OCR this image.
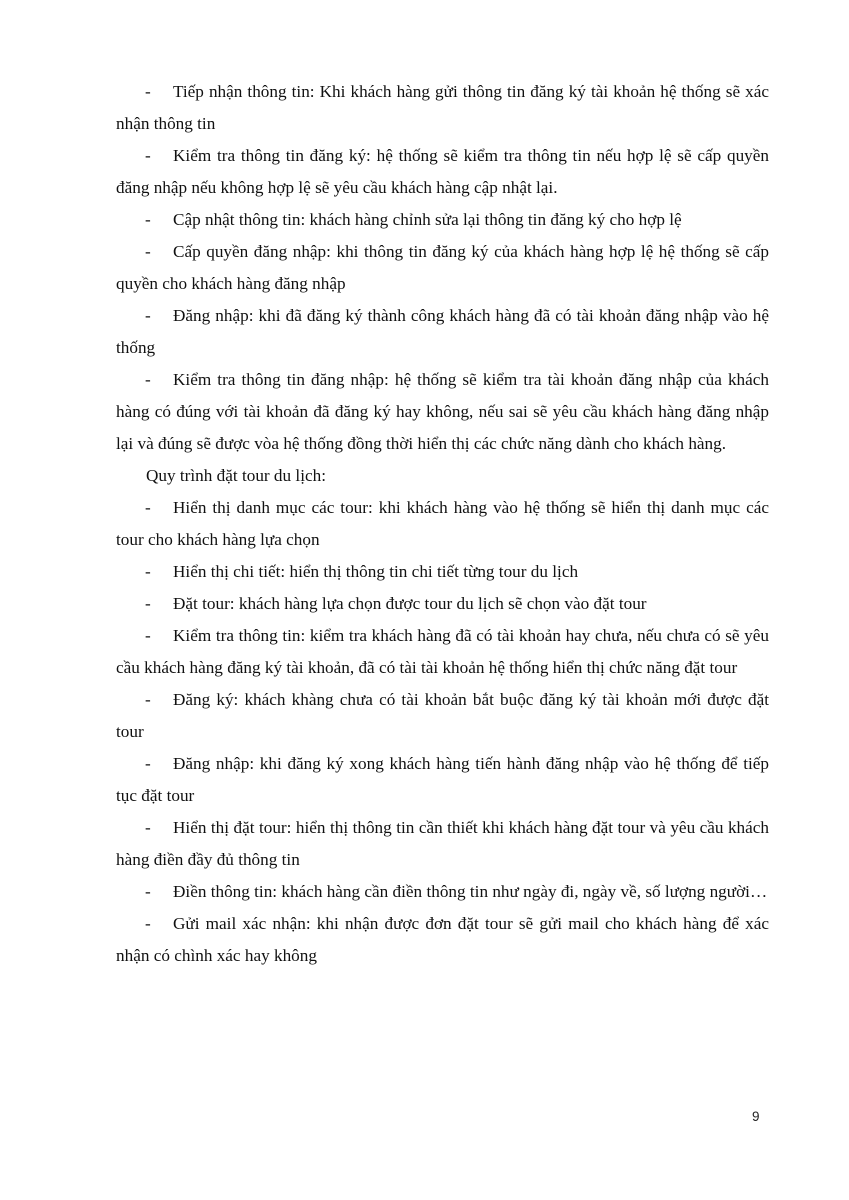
- Tiếp nhận thông tin: Khi khách hàng gửi thông tin đăng ký tài khoản hệ thống sẽ xác nhận thông tin

- Kiểm tra thông tin đăng ký: hệ thống sẽ kiểm tra thông tin nếu hợp lệ sẽ cấp quyền đăng nhập nếu không hợp lệ sẽ yêu cầu khách hàng cập nhật lại.

- Cập nhật thông tin: khách hàng chỉnh sửa lại thông tin đăng ký cho hợp lệ

- Cấp quyền đăng nhập: khi thông tin đăng ký của khách hàng hợp lệ hệ thống sẽ cấp quyền cho khách hàng đăng nhập

- Đăng nhập: khi đã đăng ký thành công khách hàng đã có tài khoản đăng nhập vào hệ thống

- Kiểm tra thông tin đăng nhập: hệ thống sẽ kiểm tra tài khoản đăng nhập của khách hàng có đúng với tài khoản đã đăng ký hay không, nếu sai sẽ yêu cầu khách hàng đăng nhập lại và đúng sẽ được vòa hệ thống đồng thời hiển thị các chức năng dành cho khách hàng.

Quy trình đặt tour du lịch:

- Hiển thị danh mục các tour: khi khách hàng vào hệ thống sẽ hiển thị danh mục các tour cho khách hàng lựa chọn

- Hiển thị chi tiết: hiển thị thông tin chi tiết từng tour du lịch

- Đặt tour: khách hàng lựa chọn được tour du lịch sẽ chọn vào đặt tour

- Kiểm tra thông tin: kiểm tra khách hàng đã có tài khoản hay chưa, nếu chưa có sẽ yêu cầu khách hàng đăng ký tài khoản, đã có tài tài khoản hệ thống hiển thị chức năng đặt tour

- Đăng ký: khách khàng chưa có tài khoản bắt buộc đăng ký tài khoản mới được đặt tour

- Đăng nhập: khi đăng ký xong khách hàng tiến hành đăng nhập vào hệ thống để tiếp tục đặt tour

- Hiển thị đặt tour: hiển thị thông tin cần thiết khi khách hàng đặt tour và yêu cầu khách hàng điền đầy đủ thông tin

- Điền thông tin: khách hàng cần điền thông tin như ngày đi, ngày về, số lượng người…

- Gửi mail xác nhận: khi nhận được đơn đặt tour sẽ gửi mail cho khách hàng để xác nhận có chình xác hay không

9
